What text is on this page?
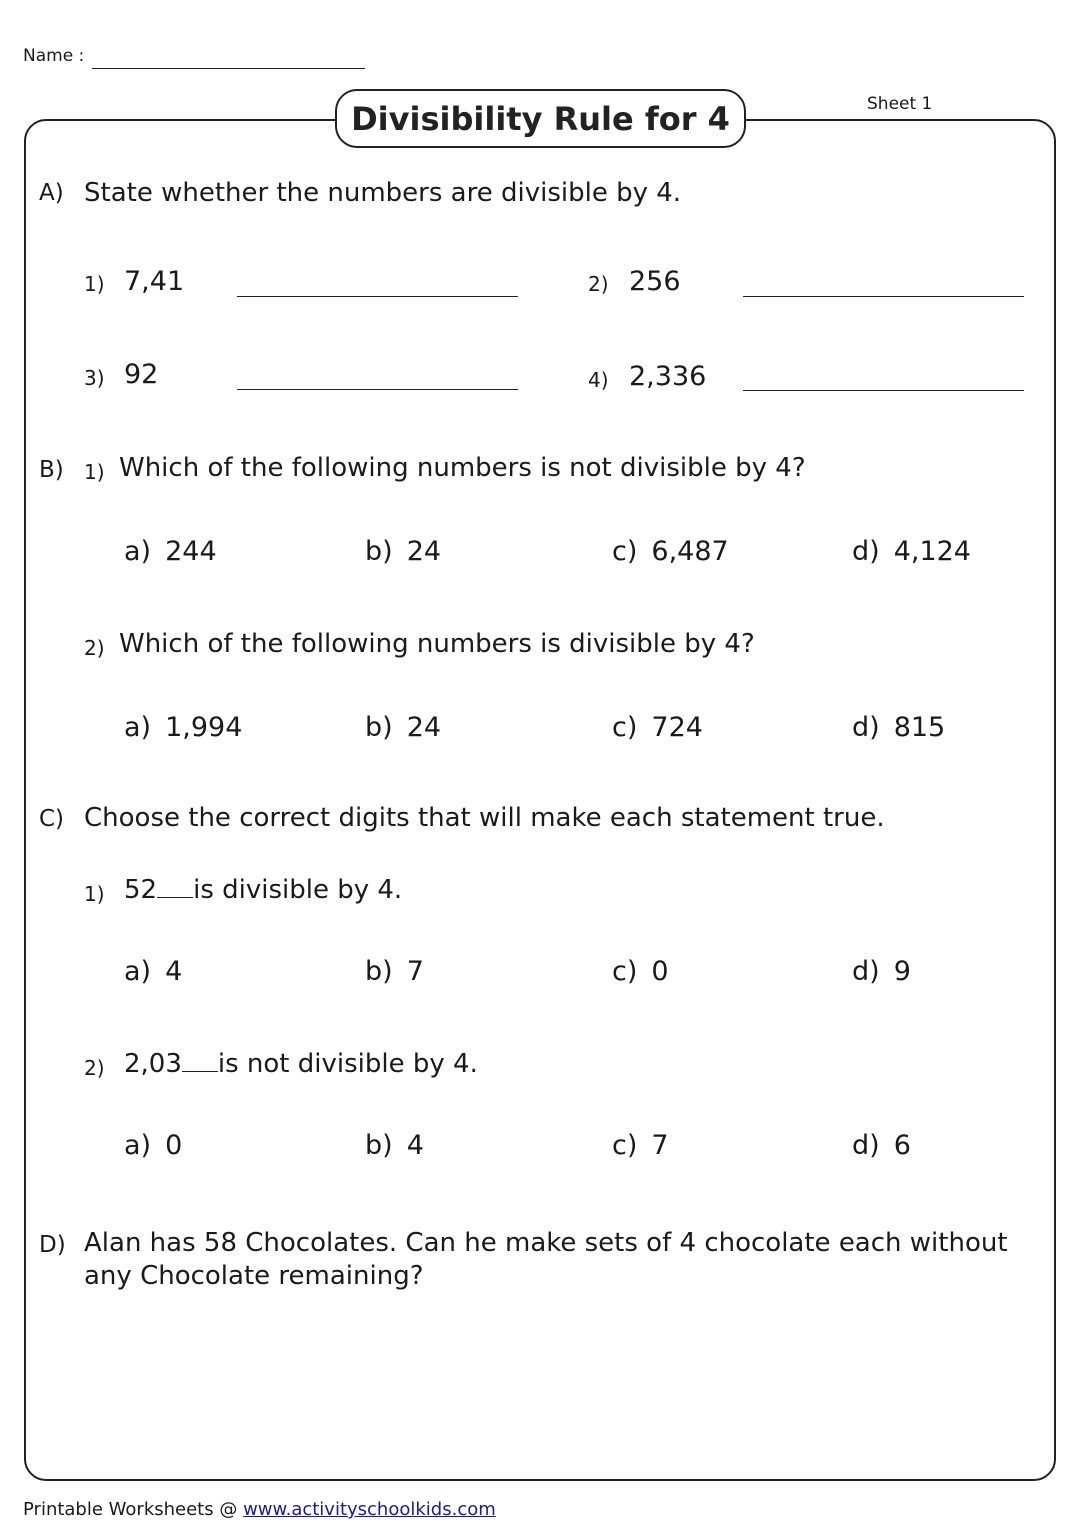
Name :
Divisibility Rule for 4	Sheet 1
A) State whether the numbers are divisible by 4.
1) 7,41	2) 256
3) 92	4) 2,336
B) 1) Which of the following numbers is not divisible by 4?
a) 244	b) 24	c) 6,487	d) 4,124
2) Which of the following numbers is divisible by 4?
a) 1,994	b) 24	c) 724	d) 815
C) Choose the correct digits that will make each statement true.
1) 52 is divisible by 4.
a) 4	b) 7	c) 0	d) 9
2) 2,03 is not divisible by 4.
a) 0	b) 4	c) 7	d) 6
D) Alan has 58 Chocolates. Can he make sets of 4 chocolate each without
any Chocolate remaining?
Printable Worksheets @ www.activityschoolkids.com
